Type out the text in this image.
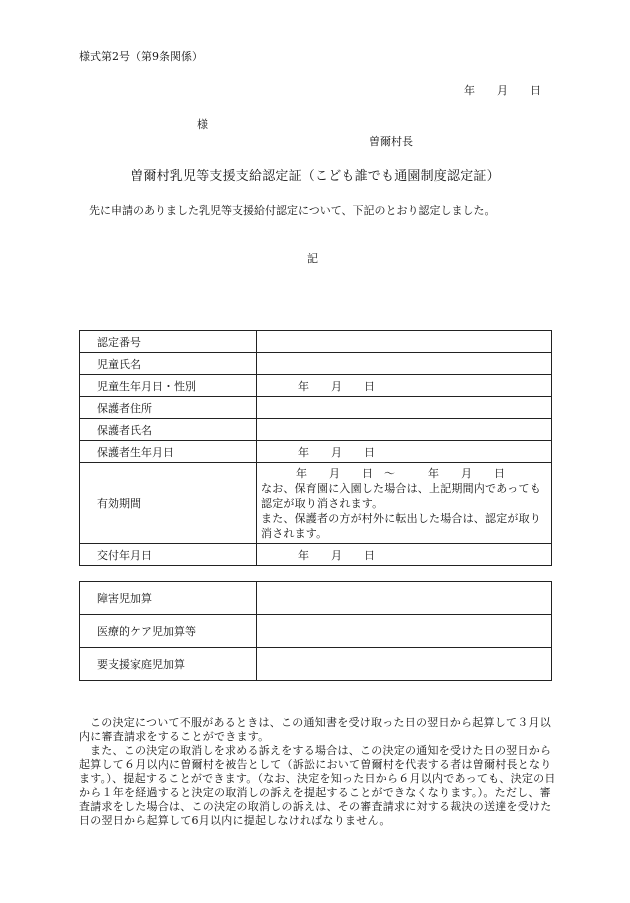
様式第2号（第9条関係）
年　　月　　日
様
曽爾村長
曽爾村乳児等支援支給認定証（こども誰でも通園制度認定証）
先に申請のありました乳児等支援給付認定について、下記のとおり認定しました。
記
認定番号	
児童氏名	
児童生年月日・性別	年　　月　　日
保護者住所	
保護者氏名	
保護者生年月日	年　　月　　日
有効期間	年　　月　　日　～　　　年　　月　　日
なお、保育園に入園した場合は、上記期間内であっても認定が取り消されます。
また、保護者の方が村外に転出した場合は、認定が取り消されます。

交付年月日	年　　月　　日
障害児加算	
医療的ケア児加算等	
要支援家庭児加算	

この決定について不服があるときは、この通知書を受け取った日の翌日から起算して３月以内に審査請求をすることができます。

また、この決定の取消しを求める訴えをする場合は、この決定の通知を受けた日の翌日から起算して６月以内に曽爾村を被告として（訴訟において曽爾村を代表する者は曽爾村長となります。）、提起することができます。（なお、決定を知った日から６月以内であっても、決定の日から１年を経過すると決定の取消しの訴えを提起することができなくなります。）。ただし、審査請求をした場合は、この決定の取消しの訴えは、その審査請求に対する裁決の送達を受けた日の翌日から起算して6月以内に提起しなければなりません。
